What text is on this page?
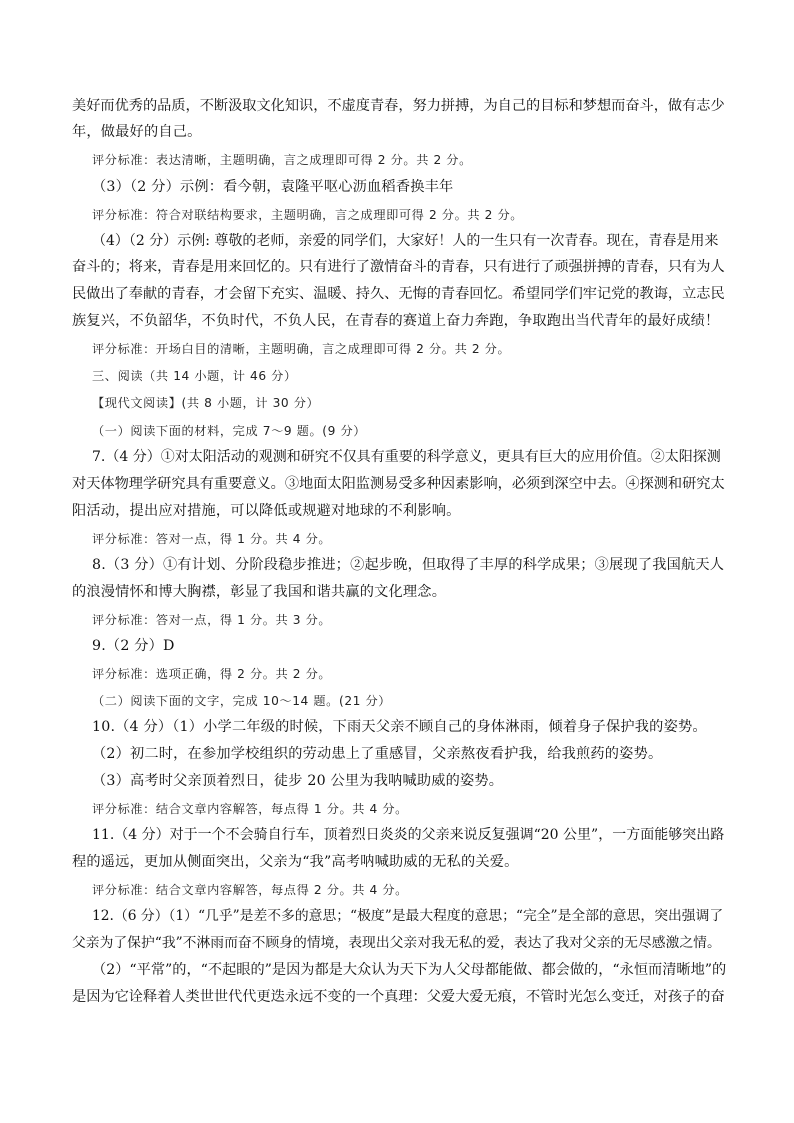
美好而优秀的品质，不断汲取文化知识，不虚度青春，努力拼搏，为自己的目标和梦想而奋斗，做有志少
年，做最好的自己。
评分标准：表达清晰，主题明确，言之成理即可得 2 分。共 2 分。
（3）（2 分）示例：看今朝，袁隆平呕心沥血稻香换丰年
评分标准：符合对联结构要求，主题明确，言之成理即可得 2 分。共 2 分。
（4）（2 分）示例: 尊敬的老师，亲爱的同学们，大家好！人的一生只有一次青春。现在，青春是用来
奋斗的；将来，青春是用来回忆的。只有进行了激情奋斗的青春，只有进行了顽强拼搏的青春，只有为人
民做出了奉献的青春，才会留下充实、温暖、持久、无悔的青春回忆。希望同学们牢记党的教诲，立志民
族复兴，不负韶华，不负时代，不负人民，在青春的赛道上奋力奔跑，争取跑出当代青年的最好成绩！
评分标准：开场白目的清晰，主题明确，言之成理即可得 2 分。共 2 分。
三、阅读（共 14 小题，计 46 分）
【现代文阅读】(共 8 小题，计 30 分）
（一）阅读下面的材料，完成 7～9 题。(9 分）
7.（4 分）①对太阳活动的观测和研究不仅具有重要的科学意义，更具有巨大的应用价值。②太阳探测
对天体物理学研究具有重要意义。③地面太阳监测易受多种因素影响，必须到深空中去。④探测和研究太
阳活动，提出应对措施，可以降低或规避对地球的不利影响。
评分标准：答对一点，得 1 分。共 4 分。
8.（3 分）①有计划、分阶段稳步推进；②起步晚，但取得了丰厚的科学成果；③展现了我国航天人
的浪漫情怀和博大胸襟，彰显了我国和谐共赢的文化理念。
评分标准：答对一点，得 1 分。共 3 分。
9.（2 分）D
评分标准：选项正确，得 2 分。共 2 分。
（二）阅读下面的文字，完成 10～14 题。(21 分）
10.（4 分）（1）小学二年级的时候，下雨天父亲不顾自己的身体淋雨，倾着身子保护我的姿势。
（2）初二时，在参加学校组织的劳动患上了重感冒，父亲熬夜看护我，给我煎药的姿势。
（3）高考时父亲顶着烈日，徒步 20 公里为我呐喊助威的姿势。
评分标准：结合文章内容解答，每点得 1 分。共 4 分。
11.（4 分）对于一个不会骑自行车，顶着烈日炎炎的父亲来说反复强调“20 公里”，一方面能够突出路
程的遥远，更加从侧面突出，父亲为“我”高考呐喊助威的无私的关爱。
评分标准：结合文章内容解答，每点得 2 分。共 4 分。
12.（6 分）（1）“几乎”是差不多的意思；“极度”是最大程度的意思；“完全”是全部的意思，突出强调了
父亲为了保护“我”不淋雨而奋不顾身的情境，表现出父亲对我无私的爱，表达了我对父亲的无尽感激之情。
（2）“平常”的，“不起眼的”是因为都是大众认为天下为人父母都能做、都会做的，“永恒而清晰地”的
是因为它诠释着人类世世代代更迭永远不变的一个真理：父爱大爱无痕，不管时光怎么变迁，对孩子的奋
